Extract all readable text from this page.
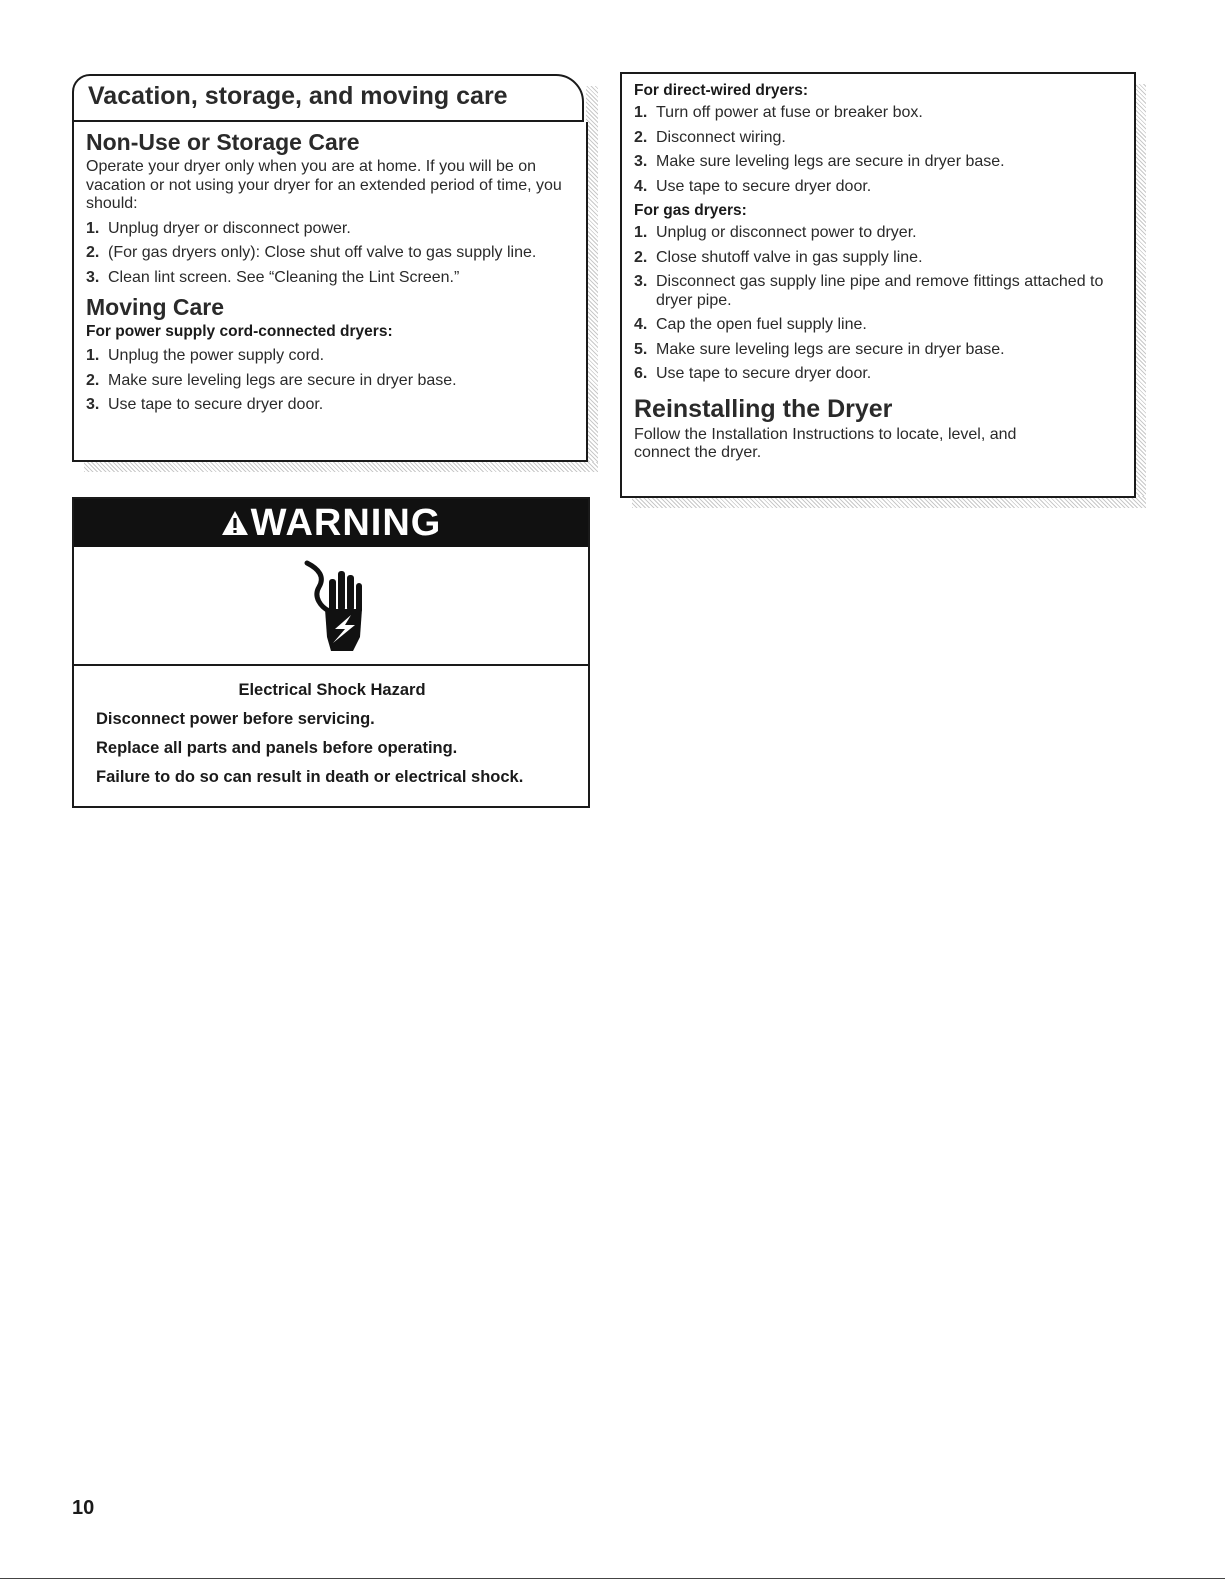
Vacation, storage, and moving care
Non-Use or Storage Care

Operate your dryer only when you are at home. If you will be on vacation or not using your dryer for an extended period of time, you should:

1. Unplug dryer or disconnect power.
2. (For gas dryers only): Close shut off valve to gas supply line.
3. Clean lint screen. See “Cleaning the Lint Screen.”
Moving Care
For power supply cord-connected dryers:
1. Unplug the power supply cord.
2. Make sure leveling legs are secure in dryer base.
3. Use tape to secure dryer door.
WARNING

Electrical Shock Hazard

Disconnect power before servicing.

Replace all parts and panels before operating.

Failure to do so can result in death or electrical shock.

For direct-wired dryers:
1. Turn off power at fuse or breaker box.
2. Disconnect wiring.
3. Make sure leveling legs are secure in dryer base.
4. Use tape to secure dryer door.
For gas dryers:
1. Unplug or disconnect power to dryer.
2. Close shutoff valve in gas supply line.
3. Disconnect gas supply line pipe and remove fittings attached to dryer pipe.
4. Cap the open fuel supply line.
5. Make sure leveling legs are secure in dryer base.
6. Use tape to secure dryer door.
Reinstalling the Dryer

Follow the Installation Instructions to locate, level, and connect the dryer.

10
